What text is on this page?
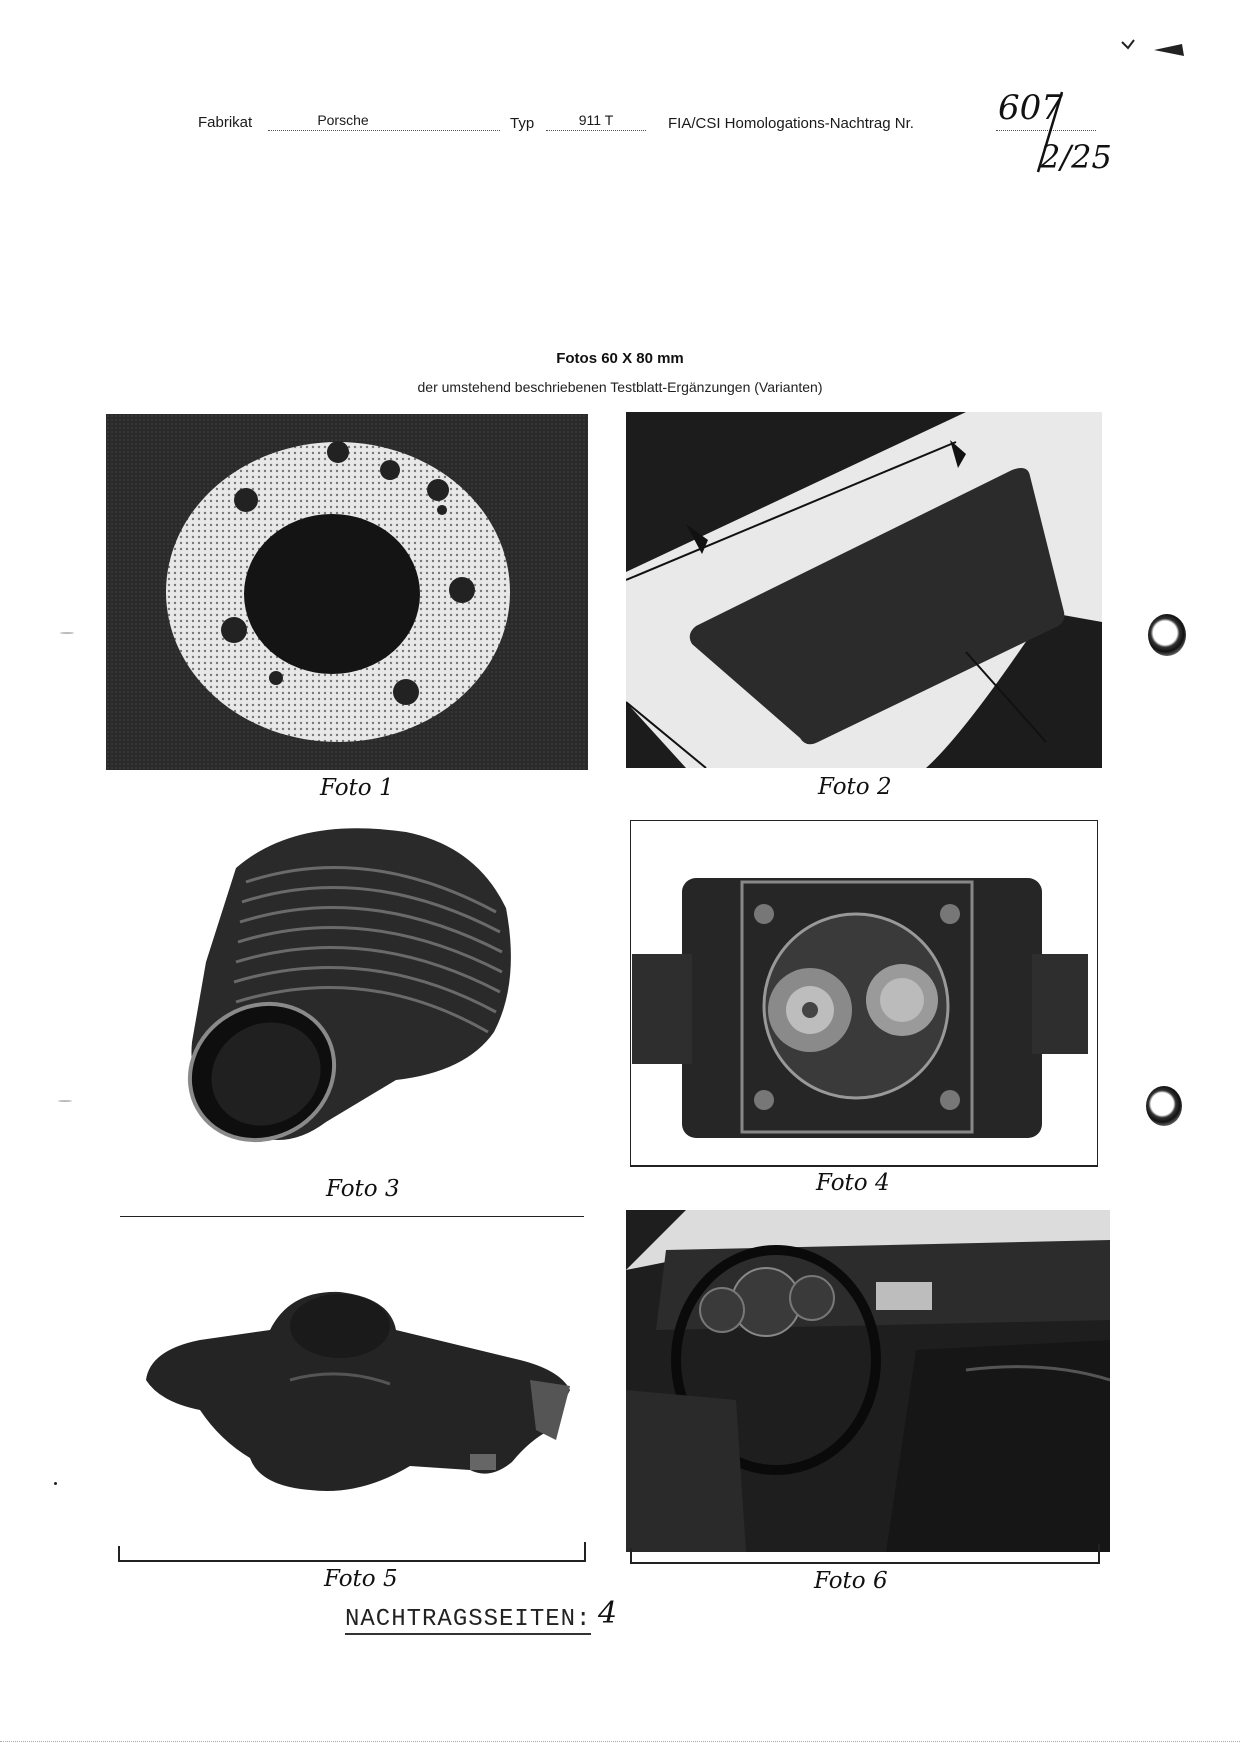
Fabrikat	Porsche	Typ	911 T	FIA/CSI Homologations-Nachtrag Nr. 607
2/25
Fotos 60 X 80 mm
der umstehend beschriebenen Testblatt-Ergänzungen (Varianten)
Foto 1	Foto 2
Foto 3	Foto 4
Foto 5	Foto 6
NACHTRAGSSEITEN: 4
